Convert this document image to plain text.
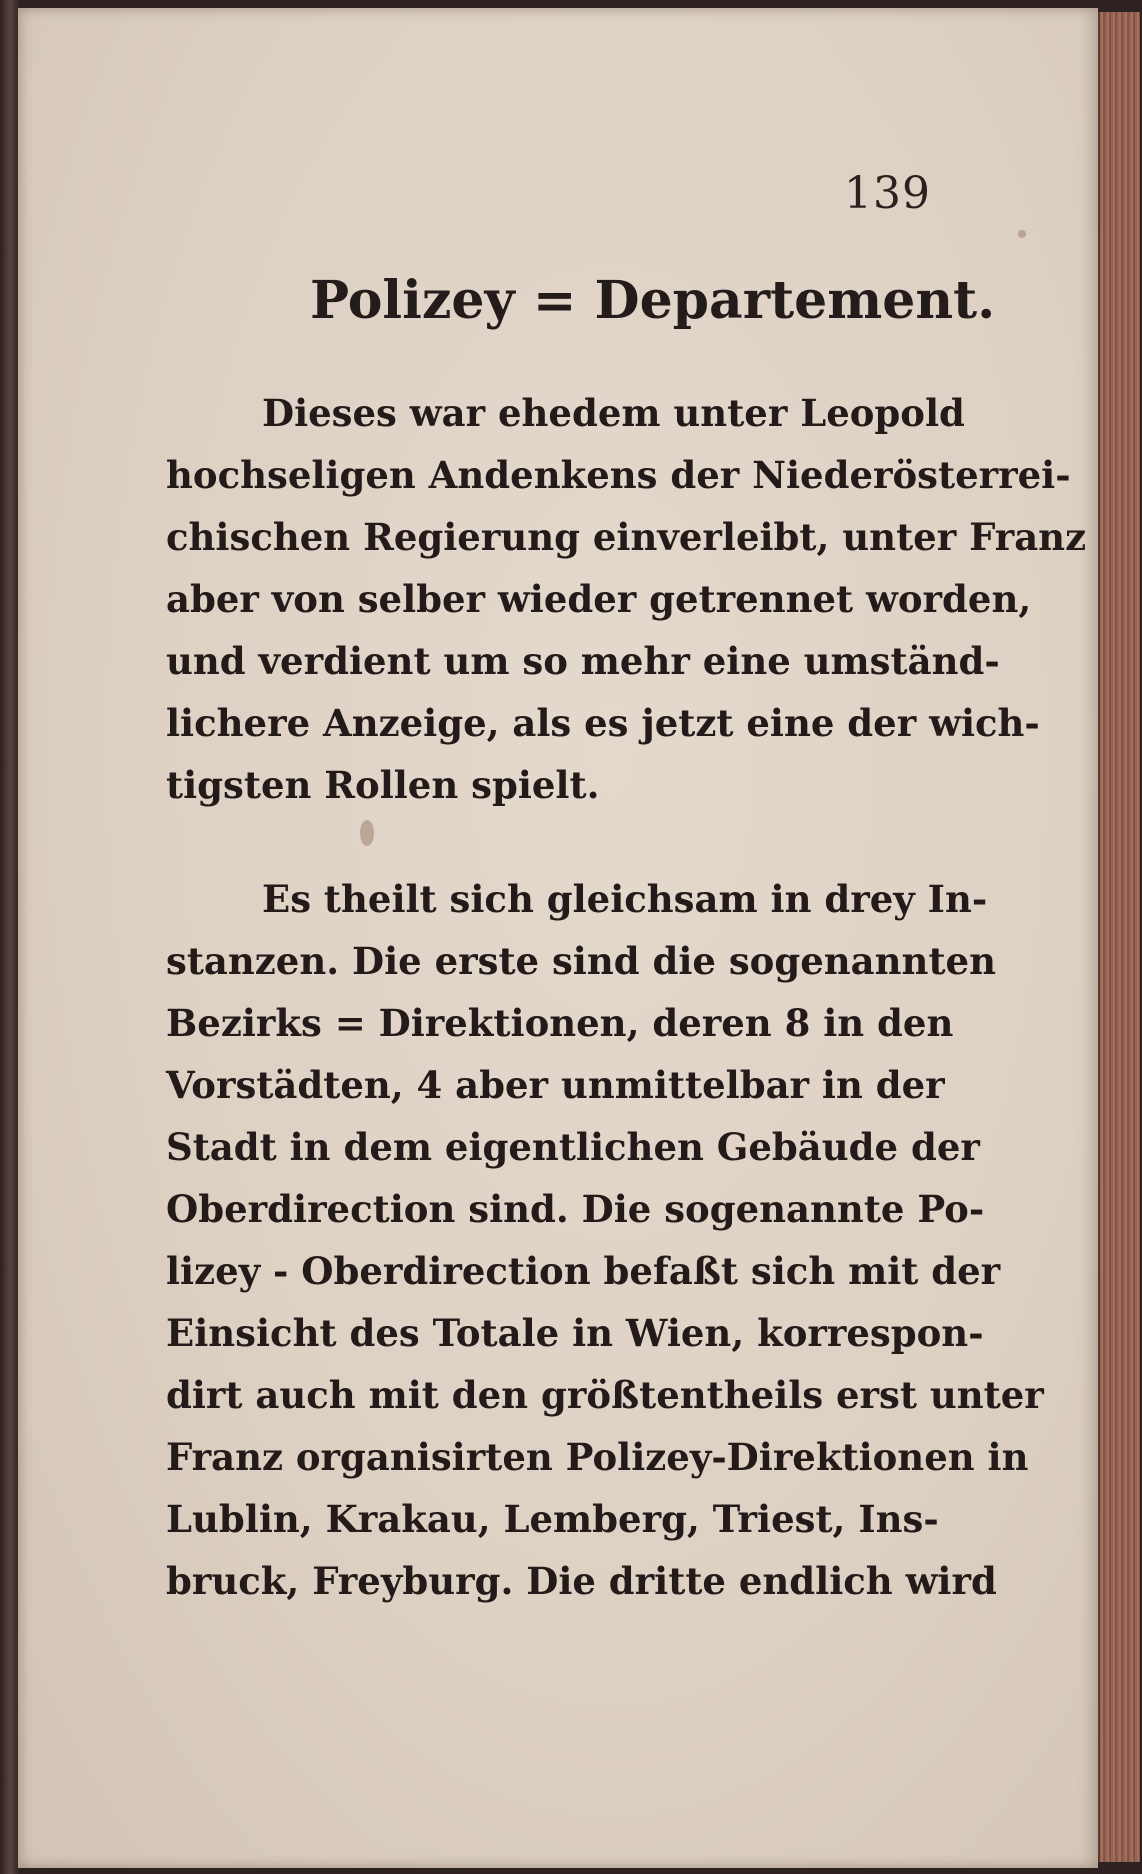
139
Polizey = Departement.
Dieses war ehedem unter Leopold
hochseligen Andenkens der Niederösterrei-
chischen Regierung einverleibt, unter Franz
aber von selber wieder getrennet worden,
und verdient um so mehr eine umständ-
lichere Anzeige, als es jetzt eine der wich-
tigsten Rollen spielt.
Es theilt sich gleichsam in drey In-
stanzen. Die erste sind die sogenannten
Bezirks = Direktionen, deren 8 in den
Vorstädten, 4 aber unmittelbar in der
Stadt in dem eigentlichen Gebäude der
Oberdirection sind. Die sogenannte Po-
lizey - Oberdirection befaßt sich mit der
Einsicht des Totale in Wien, korrespon-
dirt auch mit den größtentheils erst unter
Franz organisirten Polizey-Direktionen in
Lublin, Krakau, Lemberg, Triest, Ins-
bruck, Freyburg. Die dritte endlich wird
